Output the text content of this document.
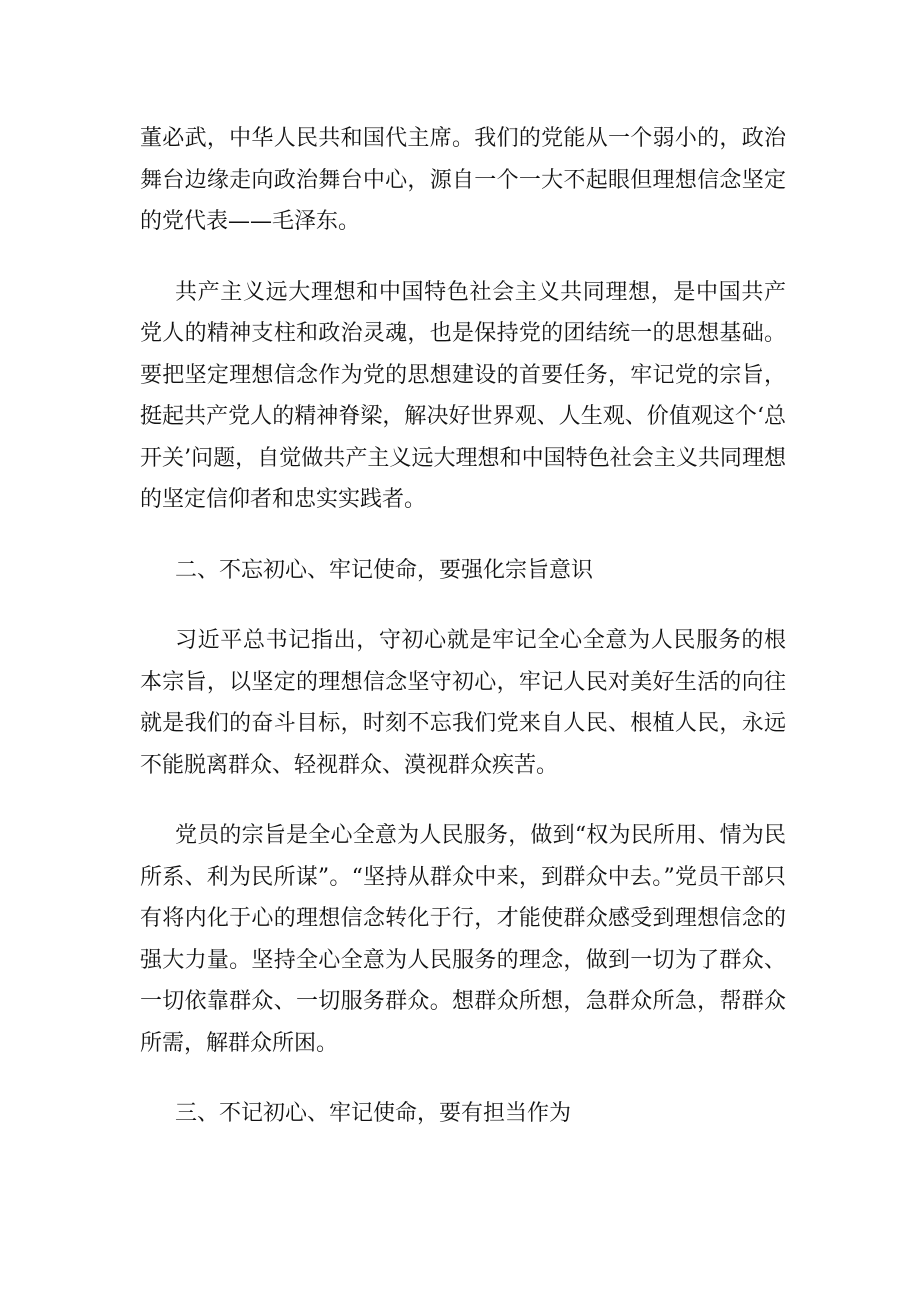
董必武，中华人民共和国代主席。我们的党能从一个弱小的，政治舞台边缘走向政治舞台中心，源自一个一大不起眼但理想信念坚定的党代表——毛泽东。

共产主义远大理想和中国特色社会主义共同理想，是中国共产党人的精神支柱和政治灵魂，也是保持党的团结统一的思想基础。要把坚定理想信念作为党的思想建设的首要任务，牢记党的宗旨，挺起共产党人的精神脊梁，解决好世界观、人生观、价值观这个‘总开关’问题，自觉做共产主义远大理想和中国特色社会主义共同理想的坚定信仰者和忠实实践者。

二、不忘初心、牢记使命，要强化宗旨意识

习近平总书记指出，守初心就是牢记全心全意为人民服务的根本宗旨，以坚定的理想信念坚守初心，牢记人民对美好生活的向往就是我们的奋斗目标，时刻不忘我们党来自人民、根植人民，永远不能脱离群众、轻视群众、漠视群众疾苦。

党员的宗旨是全心全意为人民服务，做到“权为民所用、情为民所系、利为民所谋”。“坚持从群众中来，到群众中去。”党员干部只有将内化于心的理想信念转化于行，才能使群众感受到理想信念的强大力量。坚持全心全意为人民服务的理念，做到一切为了群众、一切依靠群众、一切服务群众。想群众所想，急群众所急，帮群众所需，解群众所困。

三、不记初心、牢记使命，要有担当作为
